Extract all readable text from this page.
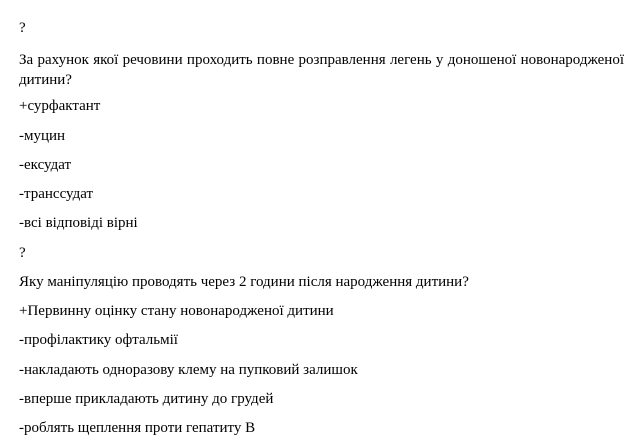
?
За рахунок якої речовини проходить повне розправлення легень у доношеної новонародженої дитини?
+сурфактант
-муцин
-ексудат
-транссудат
-всі відповіді вірні
?
Яку маніпуляцію проводять через 2 години після народження дитини?
+Первинну оцінку стану новонародженої дитини
-профілактику офтальмії
-накладають одноразову клему на пупковий залишок
-вперше прикладають дитину до грудей
-роблять щеплення проти гепатиту В
